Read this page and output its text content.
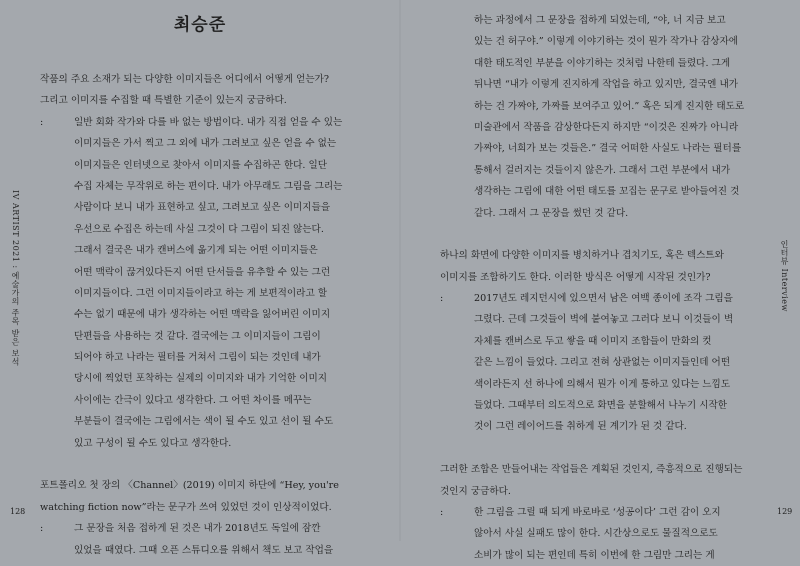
최승준
IV ARTIST 2021 : 예술가의 주목 받은 보석
128
작품의 주요 소재가 되는 다양한 이미지들은 어디에서 어떻게 얻는가?
그리고 이미지를 수집할 때 특별한 기준이 있는지 궁금하다.
:	일반 회화 작가와 다를 바 없는 방법이다. 내가 직접 얻을 수 있는
이미지들은 가서 찍고 그 외에 내가 그려보고 싶은 얻을 수 없는
이미지들은 인터넷으로 찾아서 이미지를 수집하곤 한다. 일단
수집 자체는 무작위로 하는 편이다. 내가 아무래도 그림을 그리는
사람이다 보니 내가 표현하고 싶고, 그려보고 싶은 이미지들을
우선으로 수집은 하는데 사실 그것이 다 그림이 되진 않는다.
그래서 결국은 내가 캔버스에 옮기게 되는 어떤 이미지들은
어떤 맥락이 끊겨있다든지 어떤 단서들을 유추할 수 있는 그런
이미지들이다. 그런 이미지들이라고 하는 게 보편적이라고 할
수는 없기 때문에 내가 생각하는 어떤 맥락을 잃어버린 이미지
단편들을 사용하는 것 같다. 결국에는 그 이미지들이 그림이
되어야 하고 나라는 필터를 거쳐서 그림이 되는 것인데 내가
당시에 찍었던 포착하는 실제의 이미지와 내가 기억한 이미지
사이에는 간극이 있다고 생각한다. 그 어떤 차이를 메꾸는
부분들이 결국에는 그림에서는 색이 될 수도 있고 선이 될 수도
있고 구성이 될 수도 있다고 생각한다.
포트폴리오 첫 장의 〈Channel〉(2019) 이미지 하단에 “Hey, you're
watching fiction now”라는 문구가 쓰여 있었던 것이 인상적이었다.
:	그 문장을 처음 접하게 된 것은 내가 2018년도 독일에 잠깐
있었을 때였다. 그때 오픈 스튜디오를 위해서 책도 보고 작업을
인터뷰 Interview
129
하는 과정에서 그 문장을 접하게 되었는데, “야, 너 지금 보고
있는 건 허구야.” 이렇게 이야기하는 것이 뭔가 작가나 감상자에
대한 태도적인 부분을 이야기하는 것처럼 나한테 들렸다. 그게
뒤나면 “내가 이렇게 진지하게 작업을 하고 있지만, 결국엔 내가
하는 건 가짜야, 가짜를 보여주고 있어.” 혹은 되게 진지한 태도로
미술관에서 작품을 감상한다든지 하지만 “이것은 진짜가 아니라
가짜야, 너희가 보는 것들은.” 결국 어떠한 사실도 나라는 필터를
통해서 걸러지는 것들이지 않은가. 그래서 그런 부분에서 내가
생각하는 그림에 대한 어떤 태도를 꼬집는 문구로 받아들여진 것
같다. 그래서 그 문장을 썼던 것 같다.
하나의 화면에 다양한 이미지를 병치하거나 겹치기도, 혹은 텍스트와
이미지를 조합하기도 한다. 이러한 방식은 어떻게 시작된 것인가?
:	2017년도 레지던시에 있으면서 남은 여백 종이에 조각 그림을
그렸다. 근데 그것들이 벽에 붙여놓고 그러다 보니 이것들이 벽
자체를 캔버스로 두고 쌓을 때 이미지 조합들이 만화의 컷
같은 느낌이 들었다. 그리고 전혀 상관없는 이미지들인데 어떤
색이라든지 선 하나에 의해서 뭔가 이게 통하고 있다는 느낌도
들었다. 그때부터 의도적으로 화면을 분할해서 나누기 시작한
것이 그런 레이어드를 취하게 된 계기가 된 것 같다.
그러한 조합은 만들어내는 작업들은 계획된 것인지, 즉흥적으로 진행되는
것인지 궁금하다.
:	한 그림을 그릴 때 되게 바로바로 ‘성공이다’ 그런 감이 오지
않아서 사실 실패도 많이 한다. 시간상으로도 물질적으로도
소비가 많이 되는 편인데 특히 이번에 한 그림만 그리는 게
